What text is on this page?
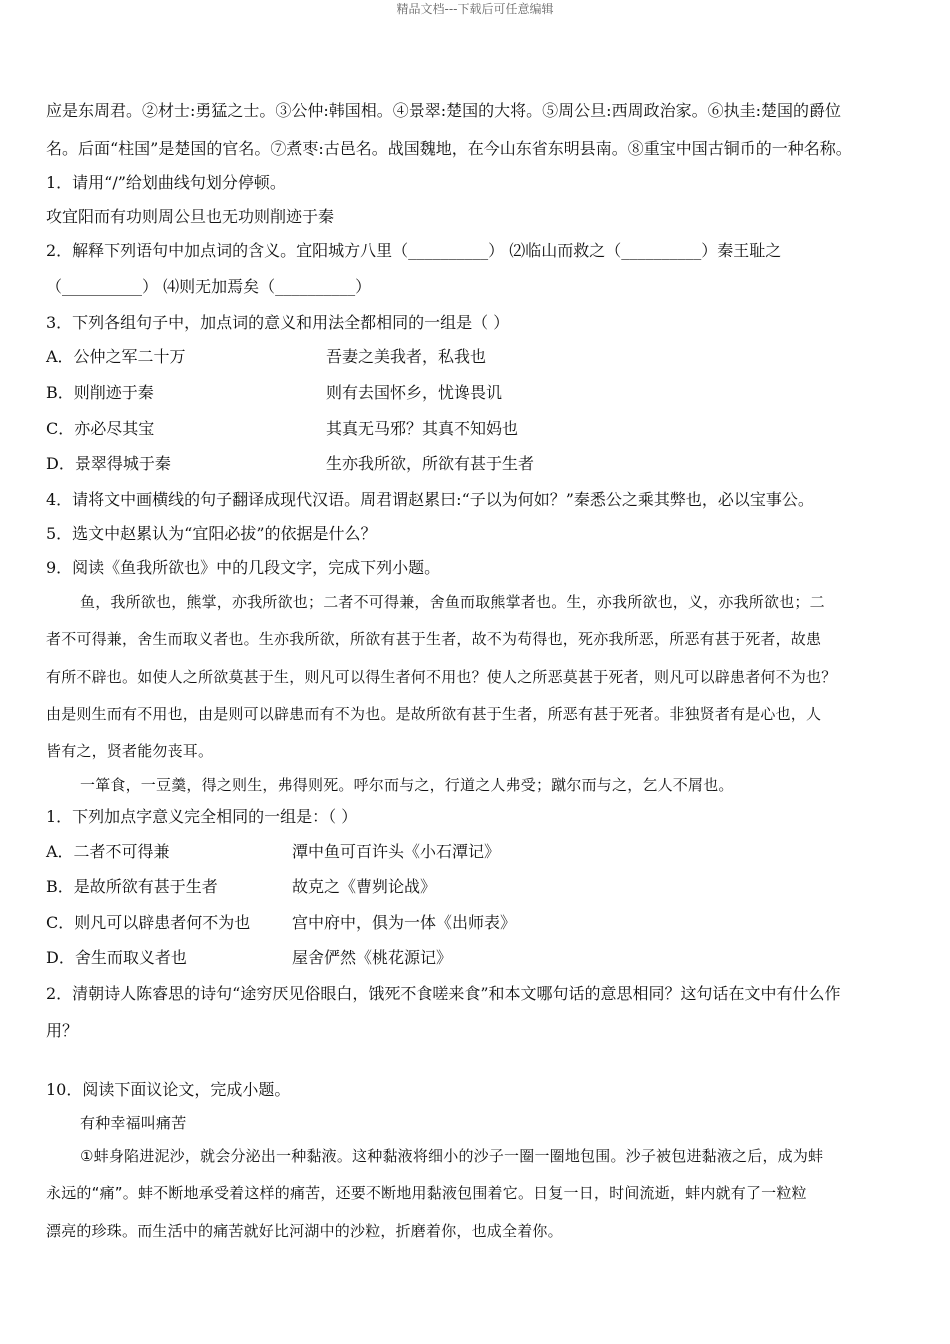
精品文档---下载后可任意编辑
应是东周君。②材士:勇猛之士。③公仲:韩国相。④景翠:楚国的大将。⑤周公旦:西周政治家。⑥执圭:楚国的爵位
名。后面“柱国”是楚国的官名。⑦煮枣:古邑名。战国魏地，在今山东省东明县南。⑧重宝中国古铜币的一种名称。
1．请用“/”给划曲线句划分停顿。
攻宜阳而有功则周公旦也无功则削迹于秦
2．解释下列语句中加点词的含义。宜阳城方八里（__________） ⑵临山而救之（__________）秦王耻之
（__________） ⑷则无加焉矣（__________）
3．下列各组句子中，加点词的意义和用法全都相同的一组是（ ）
A．公仲之军二十万	吾妻之美我者，私我也
B．则削迹于秦	则有去国怀乡，忧谗畏讥
C．亦必尽其宝	其真无马邪？其真不知妈也
D．景翠得城于秦	生亦我所欲，所欲有甚于生者
4．请将文中画横线的句子翻译成现代汉语。周君谓赵累曰:“子以为何如？”秦悉公之乘其弊也，必以宝事公。
5．选文中赵累认为“宜阳必拔”的依据是什么？
9．阅读《鱼我所欲也》中的几段文字，完成下列小题。
鱼，我所欲也，熊掌，亦我所欲也；二者不可得兼，舍鱼而取熊掌者也。生，亦我所欲也，义，亦我所欲也；二
者不可得兼，舍生而取义者也。生亦我所欲，所欲有甚于生者，故不为苟得也，死亦我所恶，所恶有甚于死者，故患
有所不辟也。如使人之所欲莫甚于生，则凡可以得生者何不用也？使人之所恶莫甚于死者，则凡可以辟患者何不为也？
由是则生而有不用也，由是则可以辟患而有不为也。是故所欲有甚于生者，所恶有甚于死者。非独贤者有是心也，人
皆有之，贤者能勿丧耳。
一箪食，一豆羹，得之则生，弗得则死。呼尔而与之，行道之人弗受；蹴尔而与之，乞人不屑也。
1．下列加点字意义完全相同的一组是：（ ）
A．二者不可得兼	潭中鱼可百许头《小石潭记》
B．是故所欲有甚于生者	故克之《曹刿论战》
C．则凡可以辟患者何不为也	宫中府中，俱为一体《出师表》
D．舍生而取义者也	屋舍俨然《桃花源记》
2．清朝诗人陈睿思的诗句“途穷厌见俗眼白，饿死不食嗟来食”和本文哪句话的意思相同？这句话在文中有什么作
用？
10．阅读下面议论文，完成小题。
有种幸福叫痛苦
①蚌身陷进泥沙，就会分泌出一种黏液。这种黏液将细小的沙子一圈一圈地包围。沙子被包进黏液之后，成为蚌
永远的“痛”。蚌不断地承受着这样的痛苦，还要不断地用黏液包围着它。日复一日，时间流逝，蚌内就有了一粒粒
漂亮的珍珠。而生活中的痛苦就好比河湖中的沙粒，折磨着你，也成全着你。
